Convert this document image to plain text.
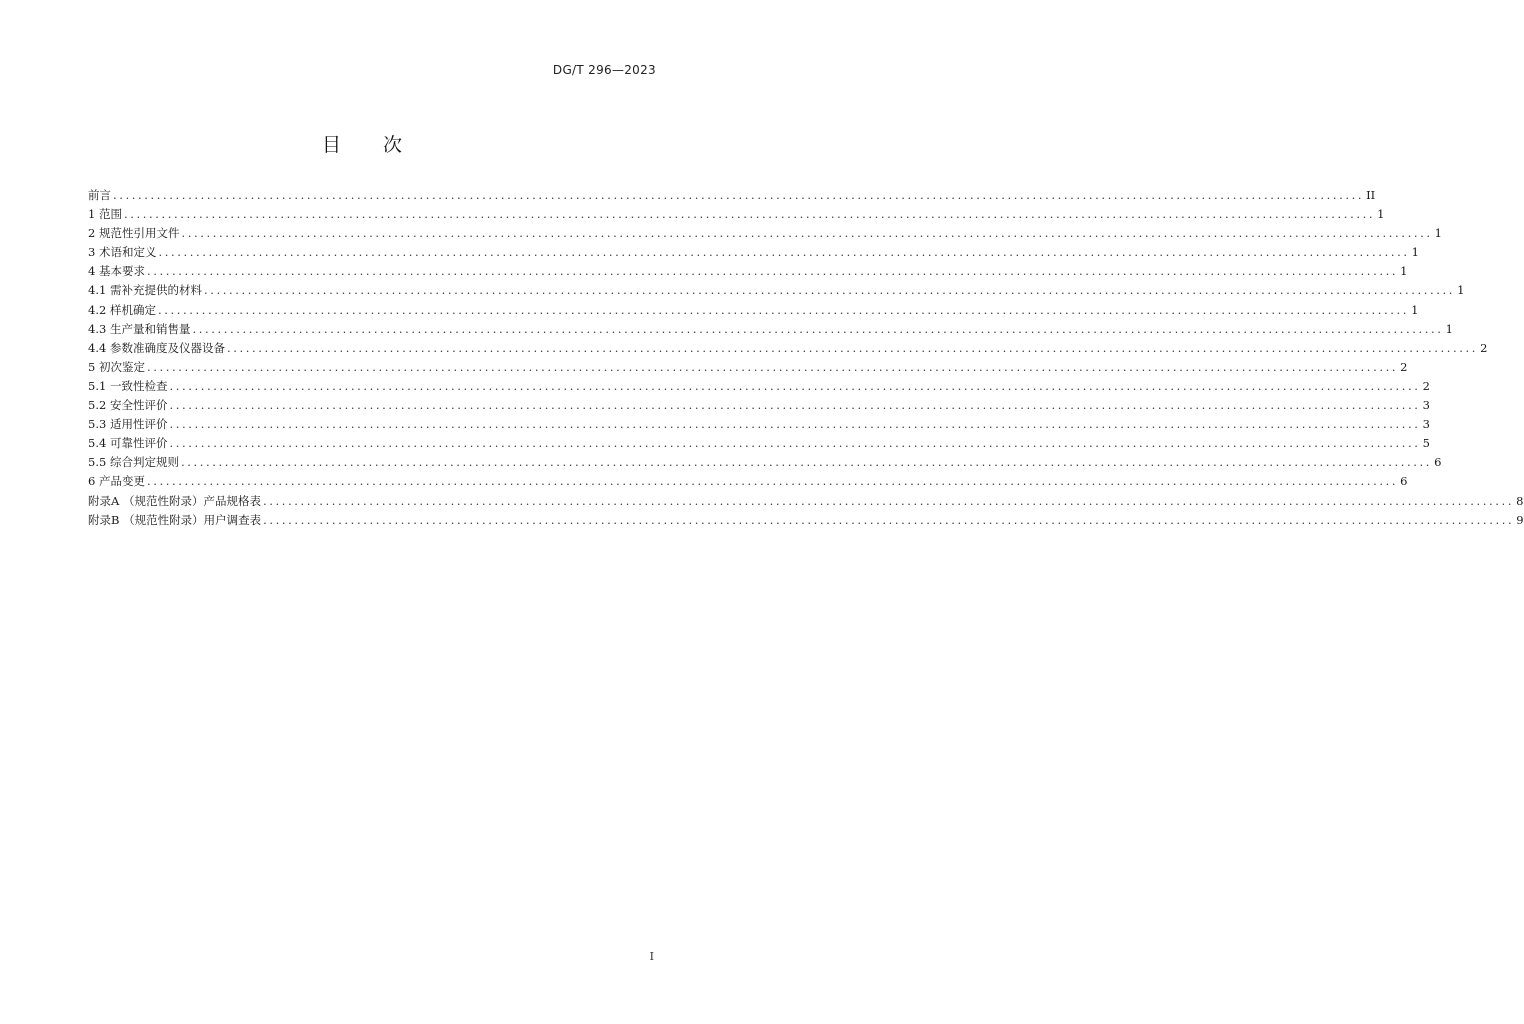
DG/T 296—2023
目 次
前言 ........................................................................................................................................................................................................ II
1 范围 ........................................................................................................................................................................................................ 1
2 规范性引用文件 ........................................................................................................................................................................................................ 1
3 术语和定义 ........................................................................................................................................................................................................ 1
4 基本要求 ........................................................................................................................................................................................................ 1
4.1 需补充提供的材料 ........................................................................................................................................................................................................ 1
4.2 样机确定 ........................................................................................................................................................................................................ 1
4.3 生产量和销售量 ........................................................................................................................................................................................................ 1
4.4 参数准确度及仪器设备 ........................................................................................................................................................................................................ 2
5 初次鉴定 ........................................................................................................................................................................................................ 2
5.1 一致性检查 ........................................................................................................................................................................................................ 2
5.2 安全性评价 ........................................................................................................................................................................................................ 3
5.3 适用性评价 ........................................................................................................................................................................................................ 3
5.4 可靠性评价 ........................................................................................................................................................................................................ 5
5.5 综合判定规则 ........................................................................................................................................................................................................ 6
6 产品变更 ........................................................................................................................................................................................................ 6
附录A （规范性附录）产品规格表 ........................................................................................................................................................................................................ 8
附录B （规范性附录）用户调查表 ........................................................................................................................................................................................................ 9
I
